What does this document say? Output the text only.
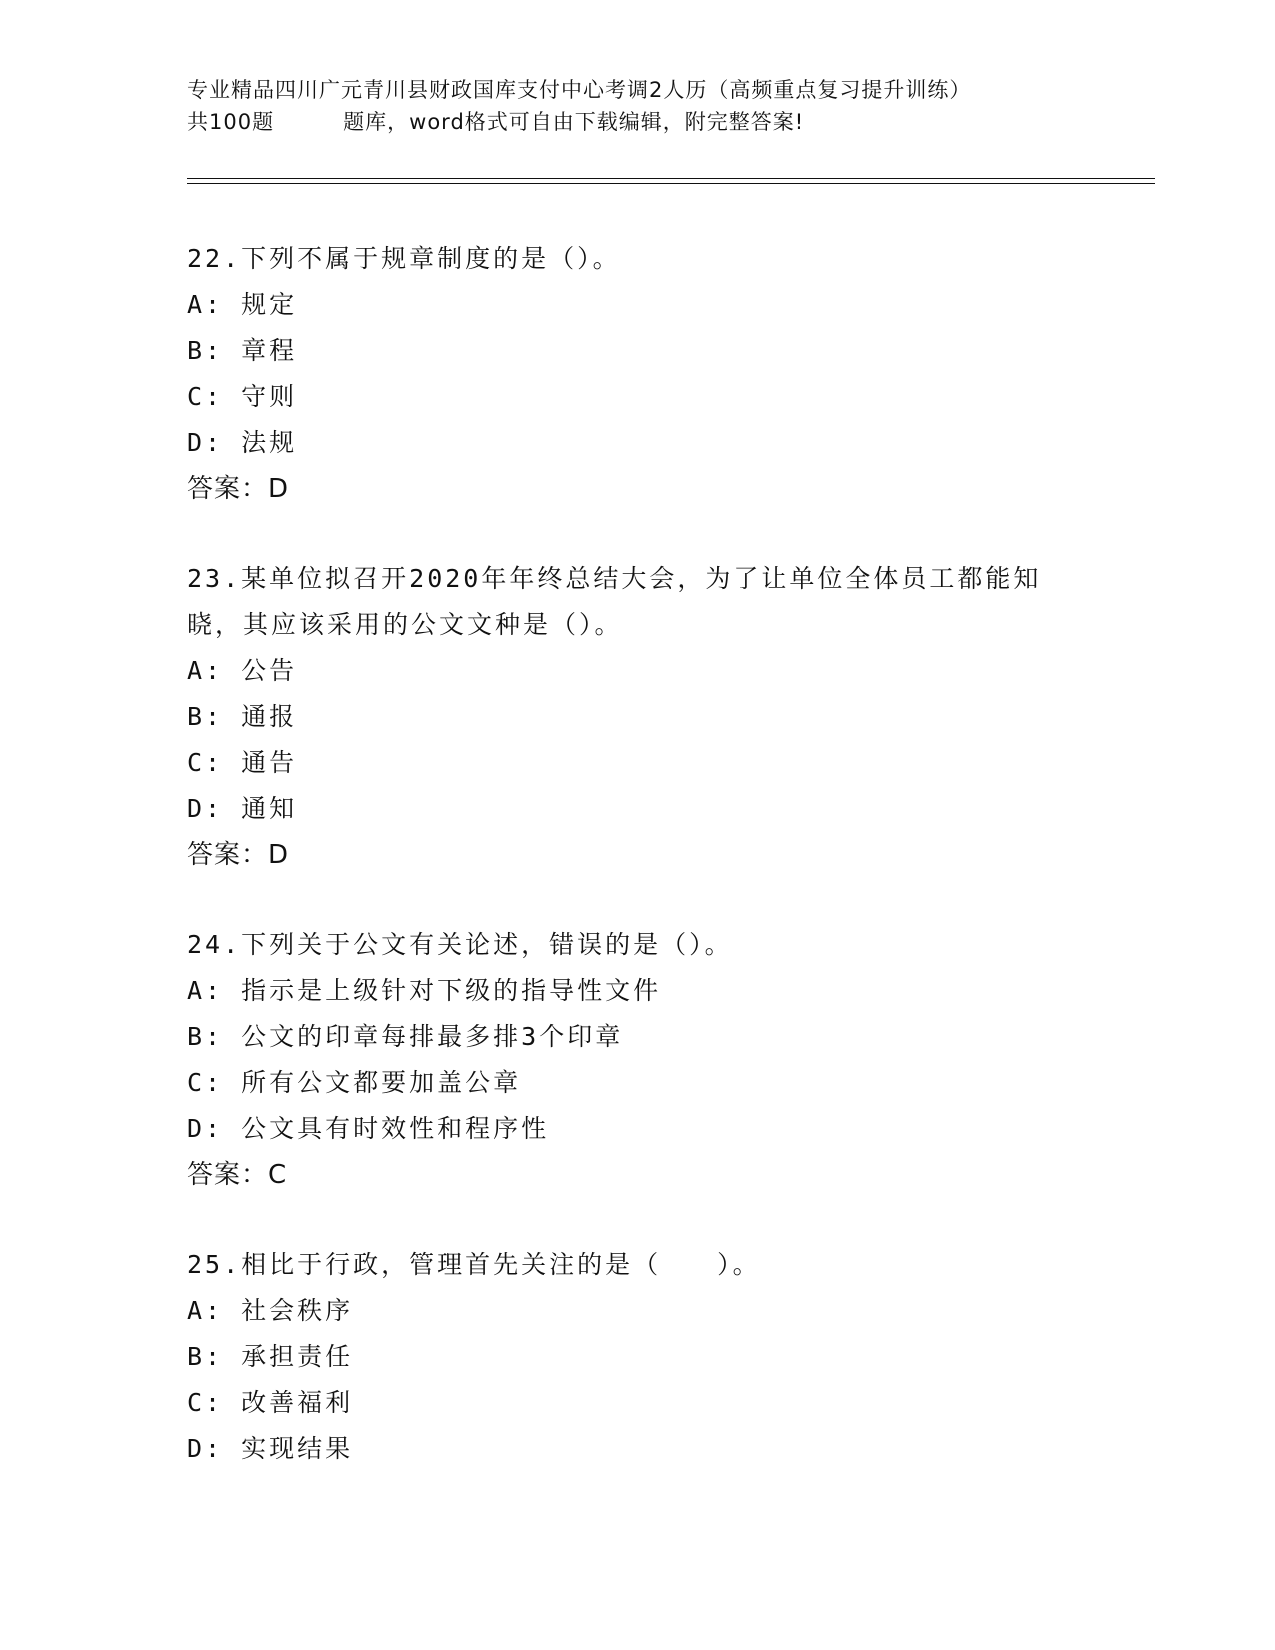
专业精品四川广元青川县财政国库支付中心考调2人历（高频重点复习提升训练）
共100题         题库，word格式可自由下载编辑，附完整答案!
22.下列不属于规章制度的是（）。
A: 规定
B: 章程
C: 守则
D: 法规
答案：D
23.某单位拟召开2020年年终总结大会，为了让单位全体员工都能知晓，其应该采用的公文文种是（）。
A: 公告
B: 通报
C: 通告
D: 通知
答案：D
24.下列关于公文有关论述，错误的是（）。
A: 指示是上级针对下级的指导性文件
B: 公文的印章每排最多排3个印章
C: 所有公文都要加盖公章
D: 公文具有时效性和程序性
答案：C
25.相比于行政，管理首先关注的是（　　）。
A: 社会秩序
B: 承担责任
C: 改善福利
D: 实现结果
